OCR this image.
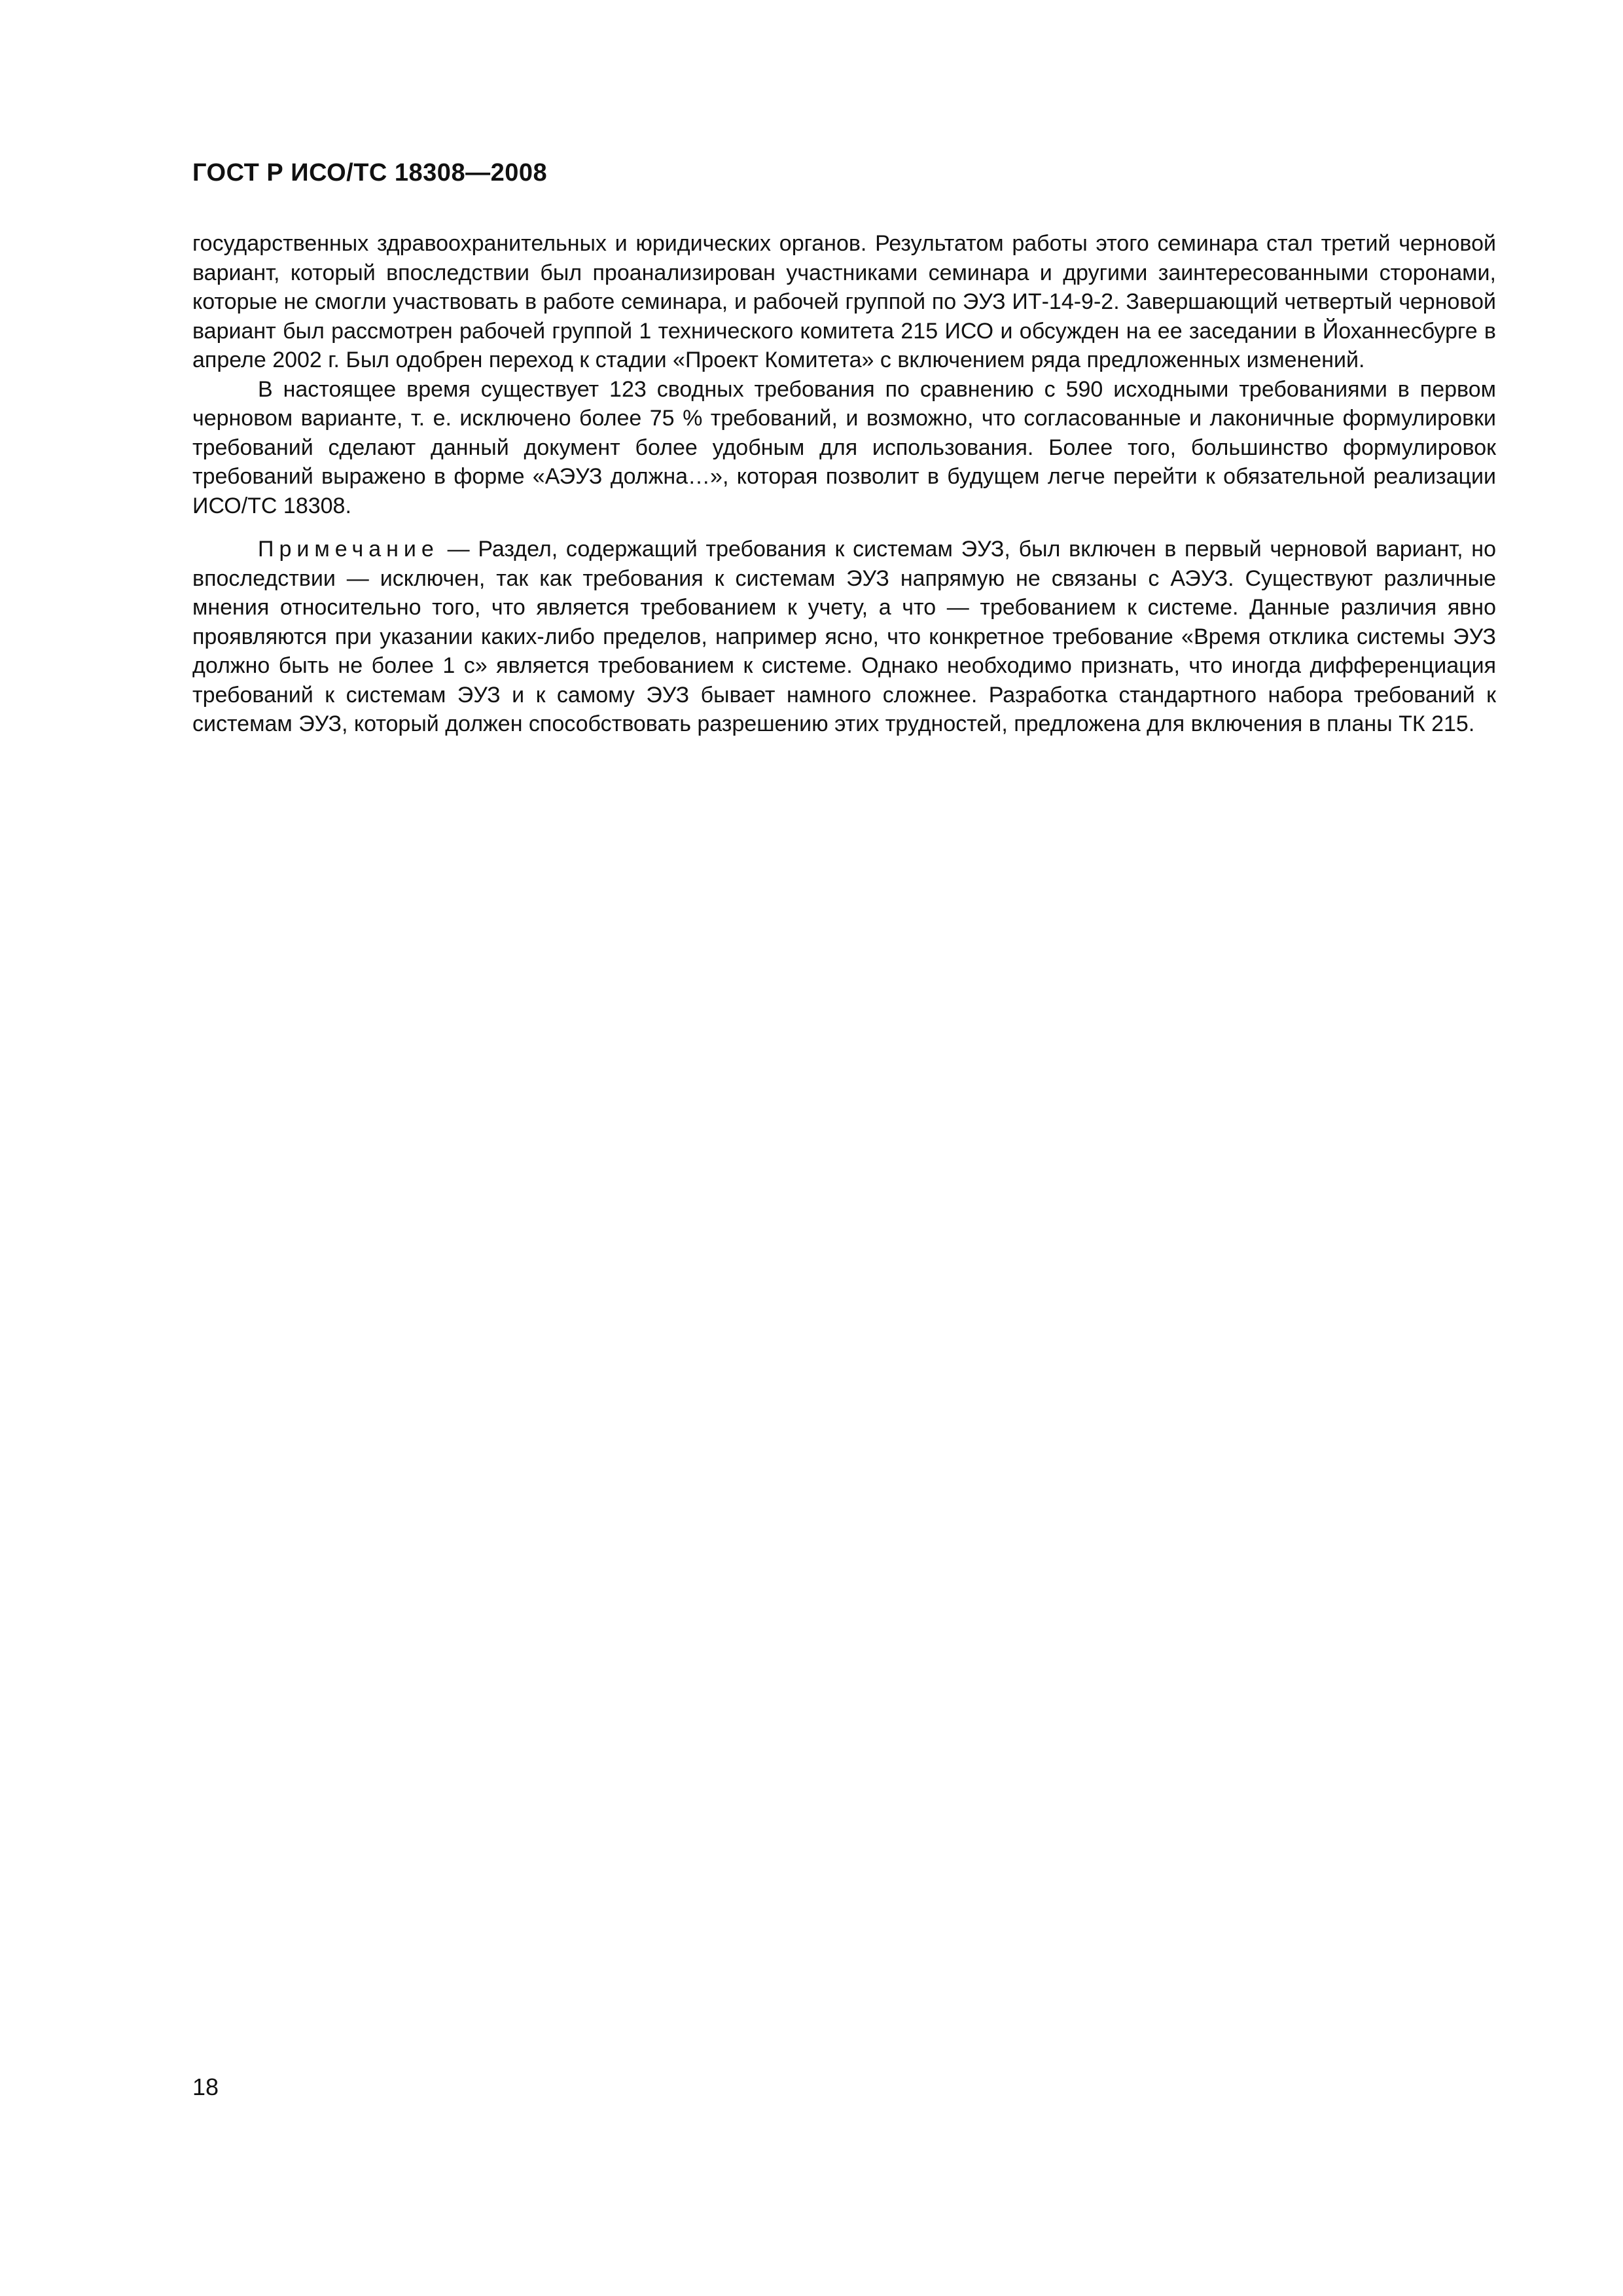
ГОСТ Р ИСО/ТС 18308—2008

государственных здравоохранительных и юридических органов. Результатом работы этого семинара стал третий черновой вариант, который впоследствии был проанализирован участниками семинара и другими заинтересованными сторонами, которые не смогли участвовать в работе семинара, и рабочей группой по ЭУЗ ИТ-14-9-2. Завершающий четвертый черновой вариант был рассмотрен рабочей группой 1 технического комитета 215 ИСО и обсужден на ее заседании в Йоханнесбурге в апреле 2002 г. Был одобрен переход к стадии «Проект Комитета» с включением ряда предложенных изменений.

В настоящее время существует 123 сводных требования по сравнению с 590 исходными требованиями в первом черновом варианте, т. е. исключено более 75 % требований, и возможно, что согласованные и лаконичные формулировки требований сделают данный документ более удобным для использования. Более того, большинство формулировок требований выражено в форме «АЭУЗ должна…», которая позволит в будущем легче перейти к обязательной реализации ИСО/ТС 18308.

Примечание — Раздел, содержащий требования к системам ЭУЗ, был включен в первый черновой вариант, но впоследствии — исключен, так как требования к системам ЭУЗ напрямую не связаны с АЭУЗ. Существуют различные мнения относительно того, что является требованием к учету, а что — требованием к системе. Данные различия явно проявляются при указании каких-либо пределов, например ясно, что конкретное требование «Время отклика системы ЭУЗ должно быть не более 1 с» является требованием к системе. Однако необходимо признать, что иногда дифференциация требований к системам ЭУЗ и к самому ЭУЗ бывает намного сложнее. Разработка стандартного набора требований к системам ЭУЗ, который должен способствовать разрешению этих трудностей, предложена для включения в планы ТК 215.

18
